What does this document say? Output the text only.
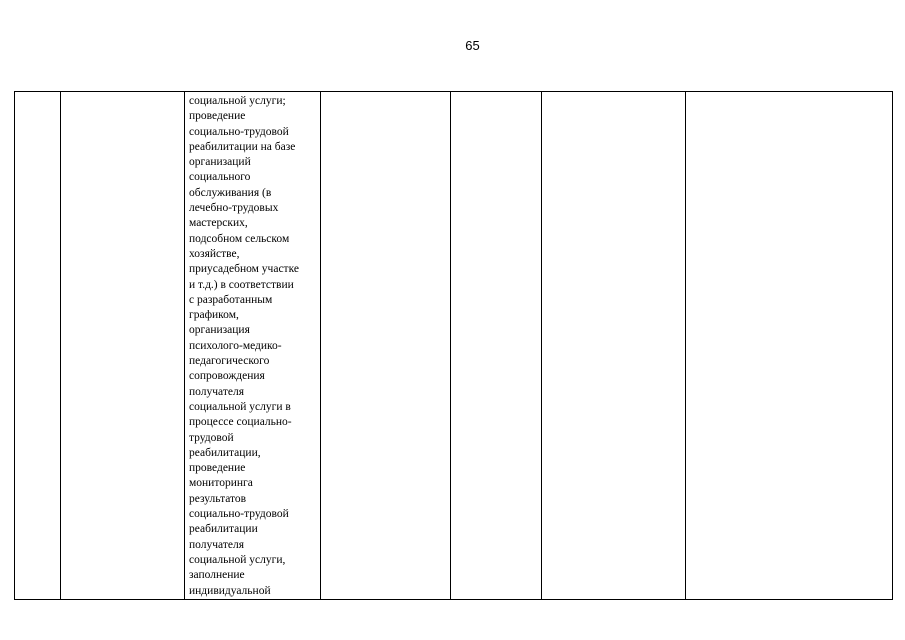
65

социальной услуги;
проведение
социально-трудовой
реабилитации на базе
организаций
социального
обслуживания (в
лечебно-трудовых
мастерских,
подсобном сельском
хозяйстве,
приусадебном участке
и т.д.) в соответствии
с разработанным
графиком,
организация
психолого-медико-
педагогического
сопровождения
получателя
социальной услуги в
процессе социально-
трудовой
реабилитации,
проведение
мониторинга
результатов
социально-трудовой
реабилитации
получателя
социальной услуги,
заполнение
индивидуальной
